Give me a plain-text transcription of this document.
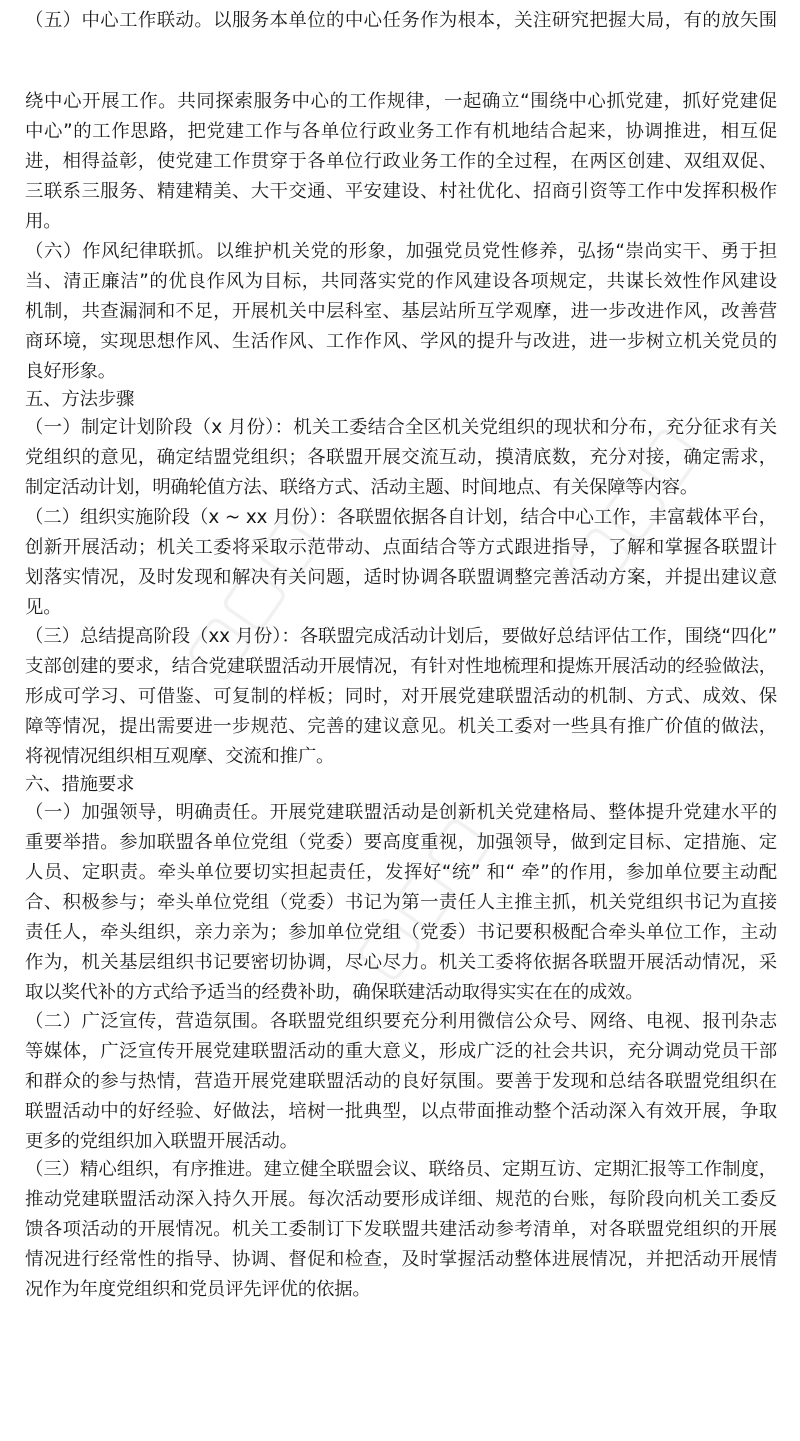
▢▢▢	▢▢▢
▢▢▢
（五）中心工作联动。以服务本单位的中心任务作为根本，关注研究把握大局，有的放矢围
绕中心开展工作。共同探索服务中心的工作规律，一起确立“围绕中心抓党建，抓好党建促
中心”的工作思路，把党建工作与各单位行政业务工作有机地结合起来，协调推进，相互促
进，相得益彰，使党建工作贯穿于各单位行政业务工作的全过程，在两区创建、双组双促、
三联系三服务、精建精美、大干交通、平安建设、村社优化、招商引资等工作中发挥积极作
用。
（六）作风纪律联抓。以维护机关党的形象，加强党员党性修养，弘扬“崇尚实干、勇于担
当、清正廉洁”的优良作风为目标，共同落实党的作风建设各项规定，共谋长效性作风建设
机制，共查漏洞和不足，开展机关中层科室、基层站所互学观摩，进一步改进作风，改善营
商环境，实现思想作风、生活作风、工作作风、学风的提升与改进，进一步树立机关党员的
良好形象。
五、方法步骤
（一）制定计划阶段（x 月份）：机关工委结合全区机关党组织的现状和分布，充分征求有关
党组织的意见，确定结盟党组织；各联盟开展交流互动，摸清底数，充分对接，确定需求，
制定活动计划，明确轮值方法、联络方式、活动主题、时间地点、有关保障等内容。
（二）组织实施阶段（x ~ xx 月份）：各联盟依据各自计划，结合中心工作，丰富载体平台，
创新开展活动；机关工委将采取示范带动、点面结合等方式跟进指导，了解和掌握各联盟计
划落实情况，及时发现和解决有关问题，适时协调各联盟调整完善活动方案，并提出建议意
见。
（三）总结提高阶段（xx 月份）：各联盟完成活动计划后，要做好总结评估工作，围绕“四化”
支部创建的要求，结合党建联盟活动开展情况，有针对性地梳理和提炼开展活动的经验做法，
形成可学习、可借鉴、可复制的样板；同时，对开展党建联盟活动的机制、方式、成效、保
障等情况，提出需要进一步规范、完善的建议意见。机关工委对一些具有推广价值的做法，
将视情况组织相互观摩、交流和推广。
六、措施要求
（一）加强领导，明确责任。开展党建联盟活动是创新机关党建格局、整体提升党建水平的
重要举措。参加联盟各单位党组（党委）要高度重视，加强领导，做到定目标、定措施、定
人员、定职责。牵头单位要切实担起责任，发挥好“统” 和“ 牵”的作用，参加单位要主动配
合、积极参与；牵头单位党组（党委）书记为第一责任人主推主抓，机关党组织书记为直接
责任人，牵头组织，亲力亲为；参加单位党组（党委）书记要积极配合牵头单位工作，主动
作为，机关基层组织书记要密切协调，尽心尽力。机关工委将依据各联盟开展活动情况，采
取以奖代补的方式给予适当的经费补助，确保联建活动取得实实在在的成效。
（二）广泛宣传，营造氛围。各联盟党组织要充分利用微信公众号、网络、电视、报刊杂志
等媒体，广泛宣传开展党建联盟活动的重大意义，形成广泛的社会共识，充分调动党员干部
和群众的参与热情，营造开展党建联盟活动的良好氛围。要善于发现和总结各联盟党组织在
联盟活动中的好经验、好做法，培树一批典型，以点带面推动整个活动深入有效开展，争取
更多的党组织加入联盟开展活动。
（三）精心组织，有序推进。建立健全联盟会议、联络员、定期互访、定期汇报等工作制度，
推动党建联盟活动深入持久开展。每次活动要形成详细、规范的台账，每阶段向机关工委反
馈各项活动的开展情况。机关工委制订下发联盟共建活动参考清单，对各联盟党组织的开展
情况进行经常性的指导、协调、督促和检查，及时掌握活动整体进展情况，并把活动开展情
况作为年度党组织和党员评先评优的依据。
